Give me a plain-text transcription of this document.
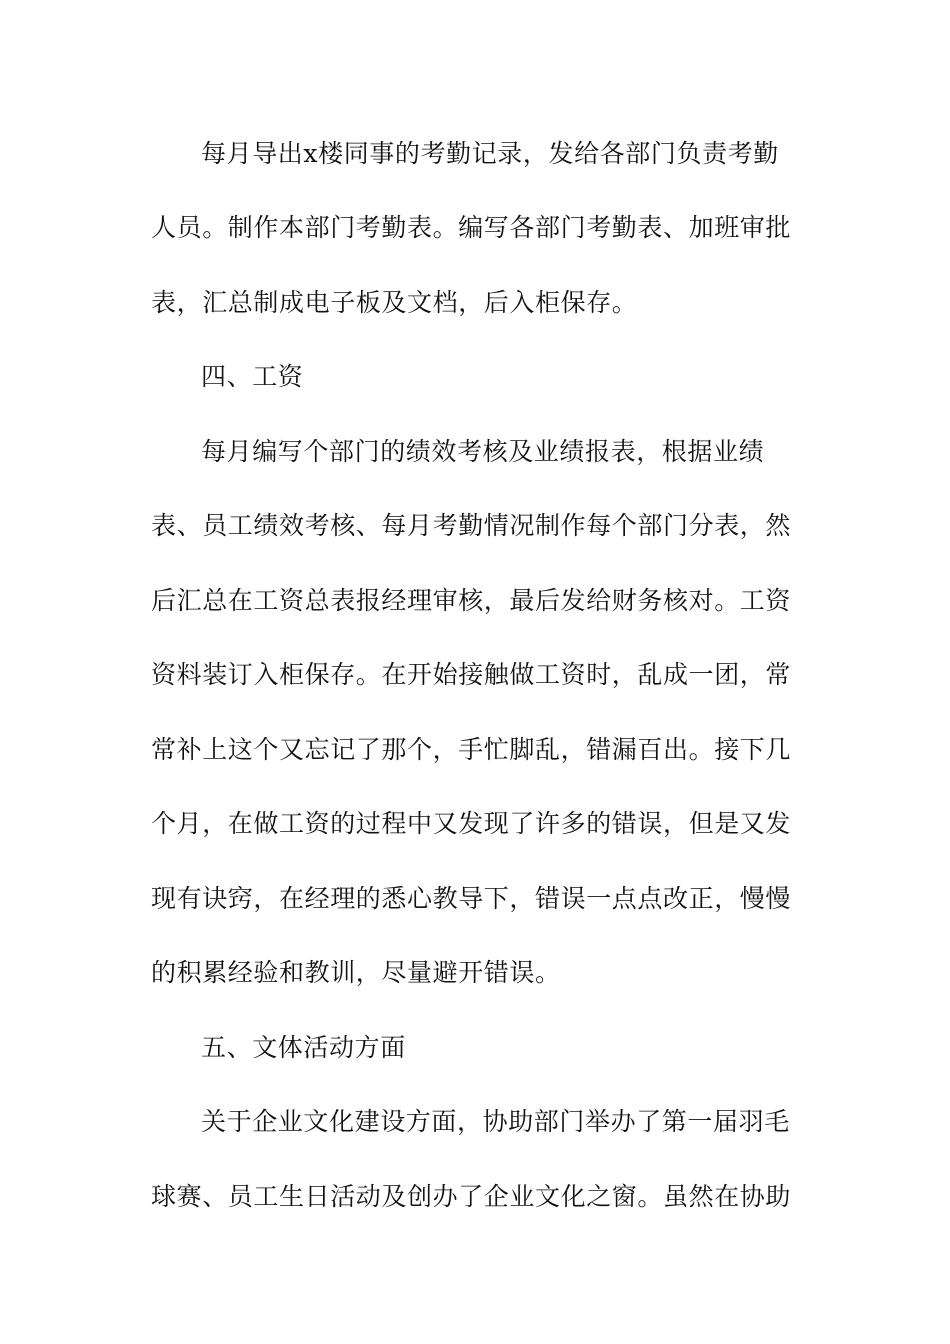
每月导出x楼同事的考勤记录，发给各部门负责考勤
人员。制作本部门考勤表。编写各部门考勤表、加班审批
表，汇总制成电子板及文档，后入柜保存。
四、工资
每月编写个部门的绩效考核及业绩报表，根据业绩
表、员工绩效考核、每月考勤情况制作每个部门分表，然
后汇总在工资总表报经理审核，最后发给财务核对。工资
资料装订入柜保存。在开始接触做工资时，乱成一团，常
常补上这个又忘记了那个，手忙脚乱，错漏百出。接下几
个月，在做工资的过程中又发现了许多的错误，但是又发
现有诀窍，在经理的悉心教导下，错误一点点改正，慢慢
的积累经验和教训，尽量避开错误。
五、文体活动方面
关于企业文化建设方面，协助部门举办了第一届羽毛
球赛、员工生日活动及创办了企业文化之窗。虽然在协助
